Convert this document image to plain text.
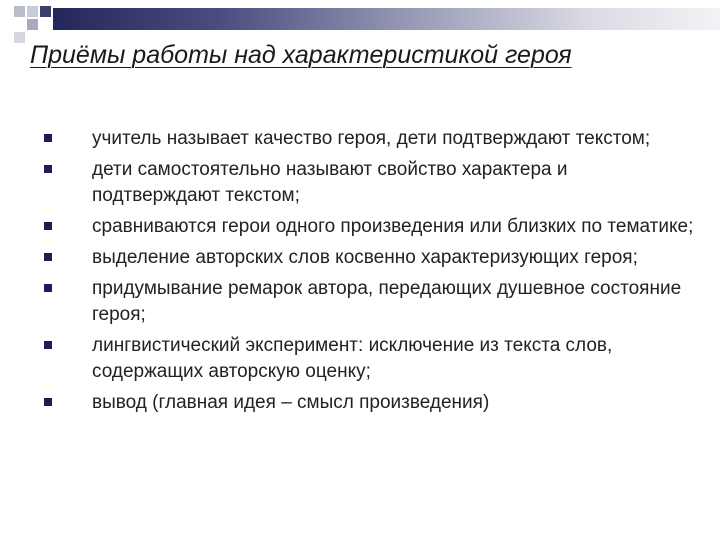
Приёмы работы над характеристикой героя
учитель называет качество героя, дети подтверждают текстом;
дети самостоятельно называют свойство характера и подтверждают текстом;
сравниваются герои одного произведения или близких по тематике;
выделение авторских слов косвенно характеризующих героя;
придумывание ремарок автора, передающих душевное состояние героя;
лингвистический эксперимент: исключение из текста слов, содержащих авторскую оценку;
вывод (главная идея – смысл произведения)
